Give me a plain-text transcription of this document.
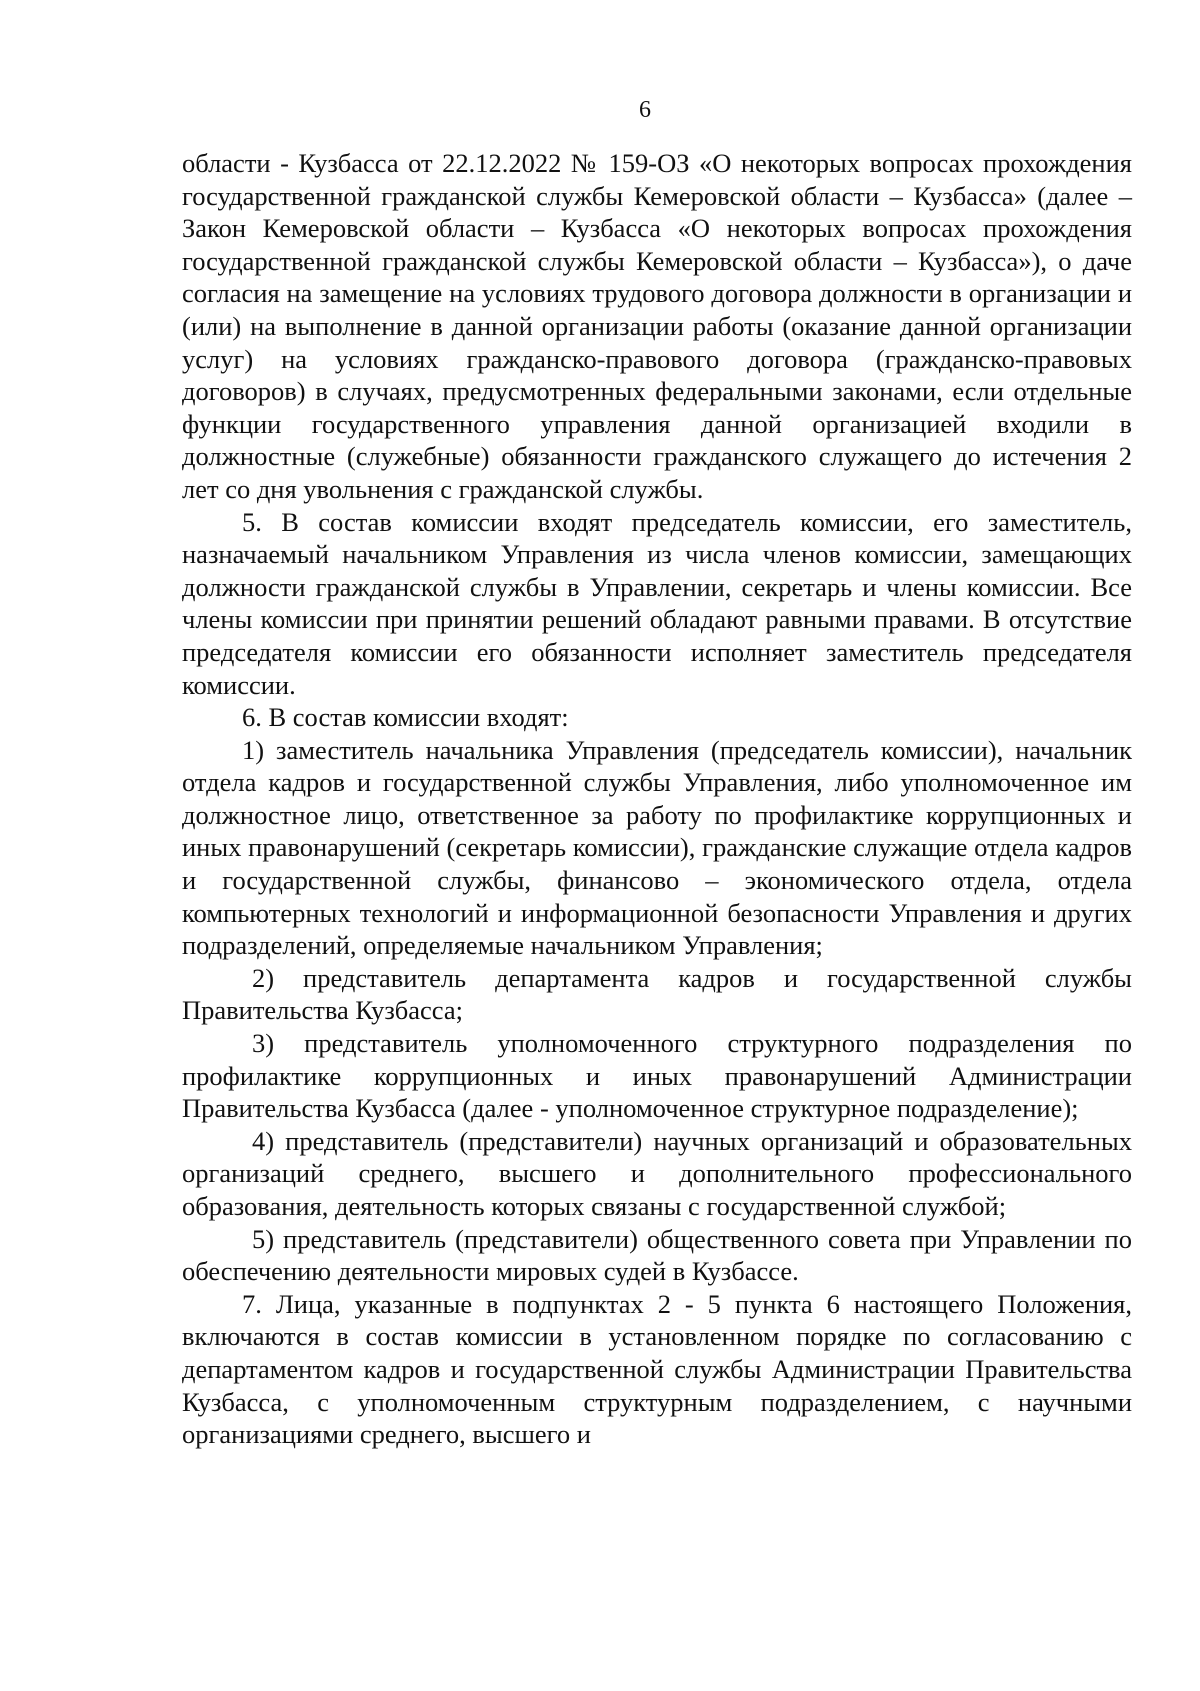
6

области - Кузбасса от 22.12.2022 № 159-ОЗ «О некоторых вопросах прохождения государственной гражданской службы Кемеровской области – Кузбасса» (далее – Закон Кемеровской области – Кузбасса «О некоторых вопросах прохождения государственной гражданской службы Кемеровской области – Кузбасса»), о даче согласия на замещение на условиях трудового договора должности в организации и (или) на выполнение в данной организации работы (оказание данной организации услуг) на условиях гражданско-правового договора (гражданско-правовых договоров) в случаях, предусмотренных федеральными законами, если отдельные функции государственного управления данной организацией входили в должностные (служебные) обязанности гражданского служащего до истечения 2 лет со дня увольнения с гражданской службы.

5. В состав комиссии входят председатель комиссии, его заместитель, назначаемый начальником Управления из числа членов комиссии, замещающих должности гражданской службы в Управлении, секретарь и члены комиссии. Все члены комиссии при принятии решений обладают равными правами. В отсутствие председателя комиссии его обязанности исполняет заместитель председателя комиссии.

6. В состав комиссии входят:

1) заместитель начальника Управления (председатель комиссии), начальник отдела кадров и государственной службы Управления, либо уполномоченное им должностное лицо, ответственное за работу по профилактике коррупционных и иных правонарушений (секретарь комиссии), гражданские служащие отдела кадров и государственной службы, финансово – экономического отдела, отдела компьютерных технологий и информационной безопасности Управления и других подразделений, определяемые начальником Управления;

2) представитель департамента кадров и государственной службы Правительства Кузбасса;

3) представитель уполномоченного структурного подразделения по профилактике коррупционных и иных правонарушений Администрации Правительства Кузбасса (далее - уполномоченное структурное подразделение);

4) представитель (представители) научных организаций и образовательных организаций среднего, высшего и дополнительного профессионального образования, деятельность которых связаны с государственной службой;

5) представитель (представители) общественного совета при Управлении по обеспечению деятельности мировых судей в Кузбассе.

7. Лица, указанные в подпунктах 2 - 5 пункта 6 настоящего Положения, включаются в состав комиссии в установленном порядке по согласованию с департаментом кадров и государственной службы Администрации Правительства Кузбасса, с уполномоченным структурным подразделением, с научными организациями среднего, высшего и
